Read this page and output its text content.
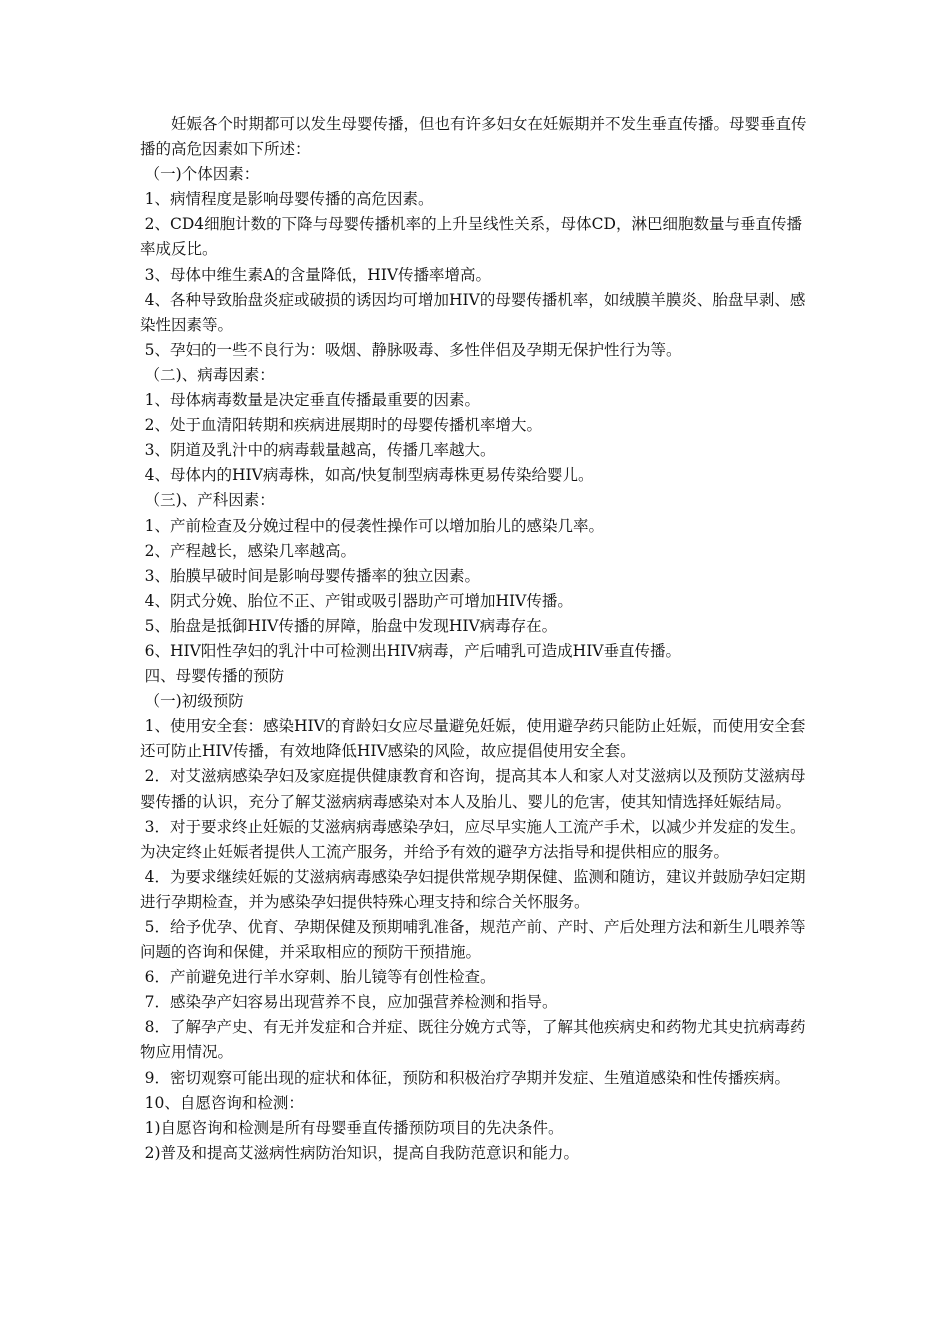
妊娠各个时期都可以发生母婴传播，但也有许多妇女在妊娠期并不发生垂直传播。母婴垂直传播的高危因素如下所述：

（一)个体因素：

1、病情程度是影响母婴传播的高危因素。

2、CD4细胞计数的下降与母婴传播机率的上升呈线性关系，母体CD，淋巴细胞数量与垂直传播率成反比。

3、母体中维生素A的含量降低，HIV传播率增高。

4、各种导致胎盘炎症或破损的诱因均可增加HIV的母婴传播机率，如绒膜羊膜炎、胎盘早剥、感染性因素等。

5、孕妇的一些不良行为：吸烟、静脉吸毒、多性伴侣及孕期无保护性行为等。

（二)、病毒因素：

1、母体病毒数量是决定垂直传播最重要的因素。

2、处于血清阳转期和疾病进展期时的母婴传播机率增大。

3、阴道及乳汁中的病毒载量越高，传播几率越大。

4、母体内的HIV病毒株，如高/快复制型病毒株更易传染给婴儿。

（三)、产科因素：

1、产前检查及分娩过程中的侵袭性操作可以增加胎儿的感染几率。

2、产程越长，感染几率越高。

3、胎膜早破时间是影响母婴传播率的独立因素。

4、阴式分娩、胎位不正、产钳或吸引器助产可增加HIV传播。

5、胎盘是抵御HIV传播的屏障，胎盘中发现HIV病毒存在。

6、HIV阳性孕妇的乳汁中可检测出HIV病毒，产后哺乳可造成HIV垂直传播。

四、母婴传播的预防

（一)初级预防

1、使用安全套：感染HIV的育龄妇女应尽量避免妊娠，使用避孕药只能防止妊娠，而使用安全套还可防止HIV传播，有效地降低HIV感染的风险，故应提倡使用安全套。

2．对艾滋病感染孕妇及家庭提供健康教育和咨询，提高其本人和家人对艾滋病以及预防艾滋病母婴传播的认识，充分了解艾滋病病毒感染对本人及胎儿、婴儿的危害，使其知情选择妊娠结局。

3．对于要求终止妊娠的艾滋病病毒感染孕妇，应尽早实施人工流产手术，以减少并发症的发生。为决定终止妊娠者提供人工流产服务，并给予有效的避孕方法指导和提供相应的服务。

4．为要求继续妊娠的艾滋病病毒感染孕妇提供常规孕期保健、监测和随访，建议并鼓励孕妇定期进行孕期检查，并为感染孕妇提供特殊心理支持和综合关怀服务。

5．给予优孕、优育、孕期保健及预期哺乳准备，规范产前、产时、产后处理方法和新生儿喂养等问题的咨询和保健，并采取相应的预防干预措施。

6．产前避免进行羊水穿刺、胎儿镜等有创性检查。

7．感染孕产妇容易出现营养不良，应加强营养检测和指导。

8．了解孕产史、有无并发症和合并症、既往分娩方式等，了解其他疾病史和药物尤其史抗病毒药物应用情况。

9．密切观察可能出现的症状和体征，预防和积极治疗孕期并发症、生殖道感染和性传播疾病。

10、自愿咨询和检测：

1)自愿咨询和检测是所有母婴垂直传播预防项目的先决条件。

2)普及和提高艾滋病性病防治知识，提高自我防范意识和能力。
